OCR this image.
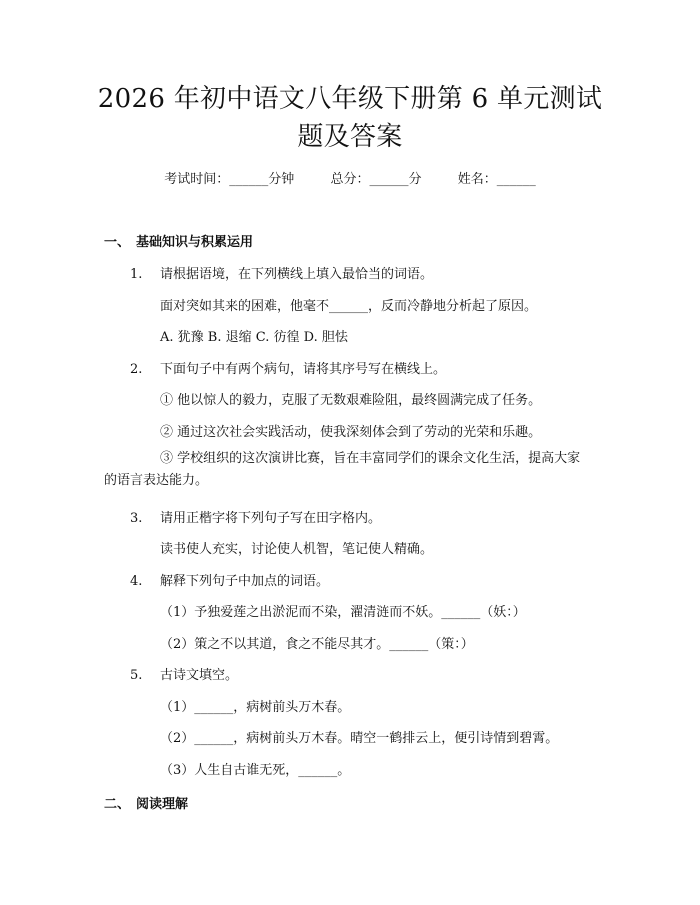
2026 年初中语文八年级下册第 6 单元测试题及答案
考试时间：______分钟	总分：______分	姓名：______
一、 基础知识与积累运用
1. 请根据语境，在下列横线上填入最恰当的词语。
面对突如其来的困难，他毫不______，反而冷静地分析起了原因。
A. 犹豫 B. 退缩 C. 彷徨 D. 胆怯
2. 下面句子中有两个病句，请将其序号写在横线上。
① 他以惊人的毅力，克服了无数艰难险阻，最终圆满完成了任务。
② 通过这次社会实践活动，使我深刻体会到了劳动的光荣和乐趣。
③ 学校组织的这次演讲比赛，旨在丰富同学们的课余文化生活，提高大家的语言表达能力。
3. 请用正楷字将下列句子写在田字格内。
读书使人充实，讨论使人机智，笔记使人精确。
4. 解释下列句子中加点的词语。
（1）予独爱莲之出淤泥而不染，濯清涟而不妖。______（妖：）
（2）策之不以其道，食之不能尽其才。______（策：）
5. 古诗文填空。
（1）______，病树前头万木春。
（2）______，病树前头万木春。晴空一鹤排云上，便引诗情到碧霄。
（3）人生自古谁无死，______。
二、 阅读理解
